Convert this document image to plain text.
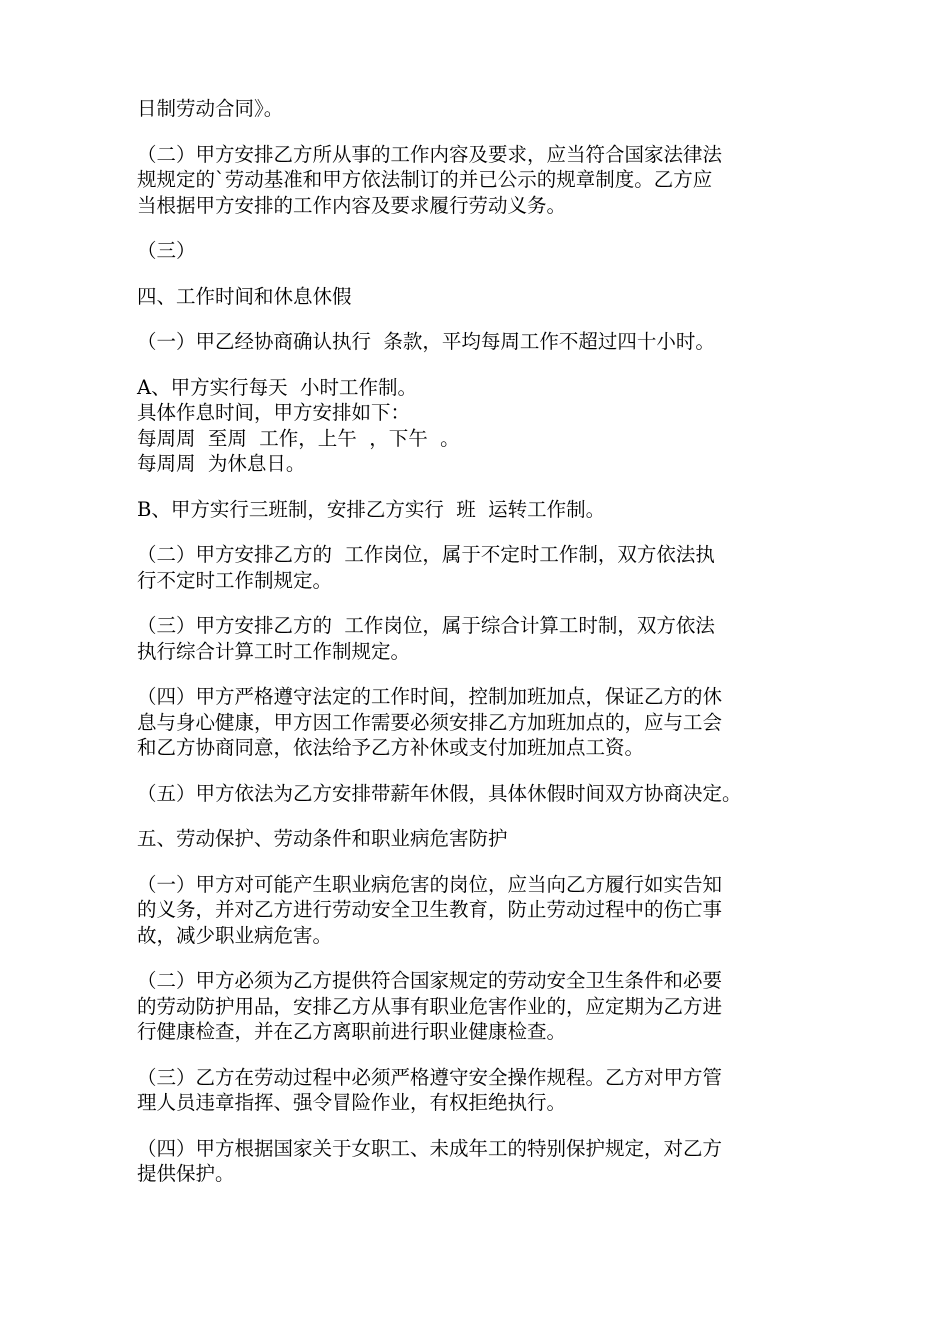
日制劳动合同》。

（二）甲方安排乙方所从事的工作内容及要求，应当符合国家法律法
规规定的`劳动基准和甲方依法制订的并已公示的规章制度。乙方应
当根据甲方安排的工作内容及要求履行劳动义务。

（三）

四、工作时间和休息休假

（一）甲乙经协商确认执行  条款，平均每周工作不超过四十小时。

A、甲方实行每天  小时工作制。
具体作息时间，甲方安排如下：
每周周  至周  工作，上午  ，下午  。
每周周  为休息日。

B、甲方实行三班制，安排乙方实行  班  运转工作制。

（二）甲方安排乙方的  工作岗位，属于不定时工作制，双方依法执
行不定时工作制规定。

（三）甲方安排乙方的  工作岗位，属于综合计算工时制，双方依法
执行综合计算工时工作制规定。

（四）甲方严格遵守法定的工作时间，控制加班加点，保证乙方的休
息与身心健康，甲方因工作需要必须安排乙方加班加点的，应与工会
和乙方协商同意，依法给予乙方补休或支付加班加点工资。

（五）甲方依法为乙方安排带薪年休假，具体休假时间双方协商决定。

五、劳动保护、劳动条件和职业病危害防护

（一）甲方对可能产生职业病危害的岗位，应当向乙方履行如实告知
的义务，并对乙方进行劳动安全卫生教育，防止劳动过程中的伤亡事
故，减少职业病危害。

（二）甲方必须为乙方提供符合国家规定的劳动安全卫生条件和必要
的劳动防护用品，安排乙方从事有职业危害作业的，应定期为乙方进
行健康检查，并在乙方离职前进行职业健康检查。

（三）乙方在劳动过程中必须严格遵守安全操作规程。乙方对甲方管
理人员违章指挥、强令冒险作业，有权拒绝执行。

（四）甲方根据国家关于女职工、未成年工的特别保护规定，对乙方
提供保护。
